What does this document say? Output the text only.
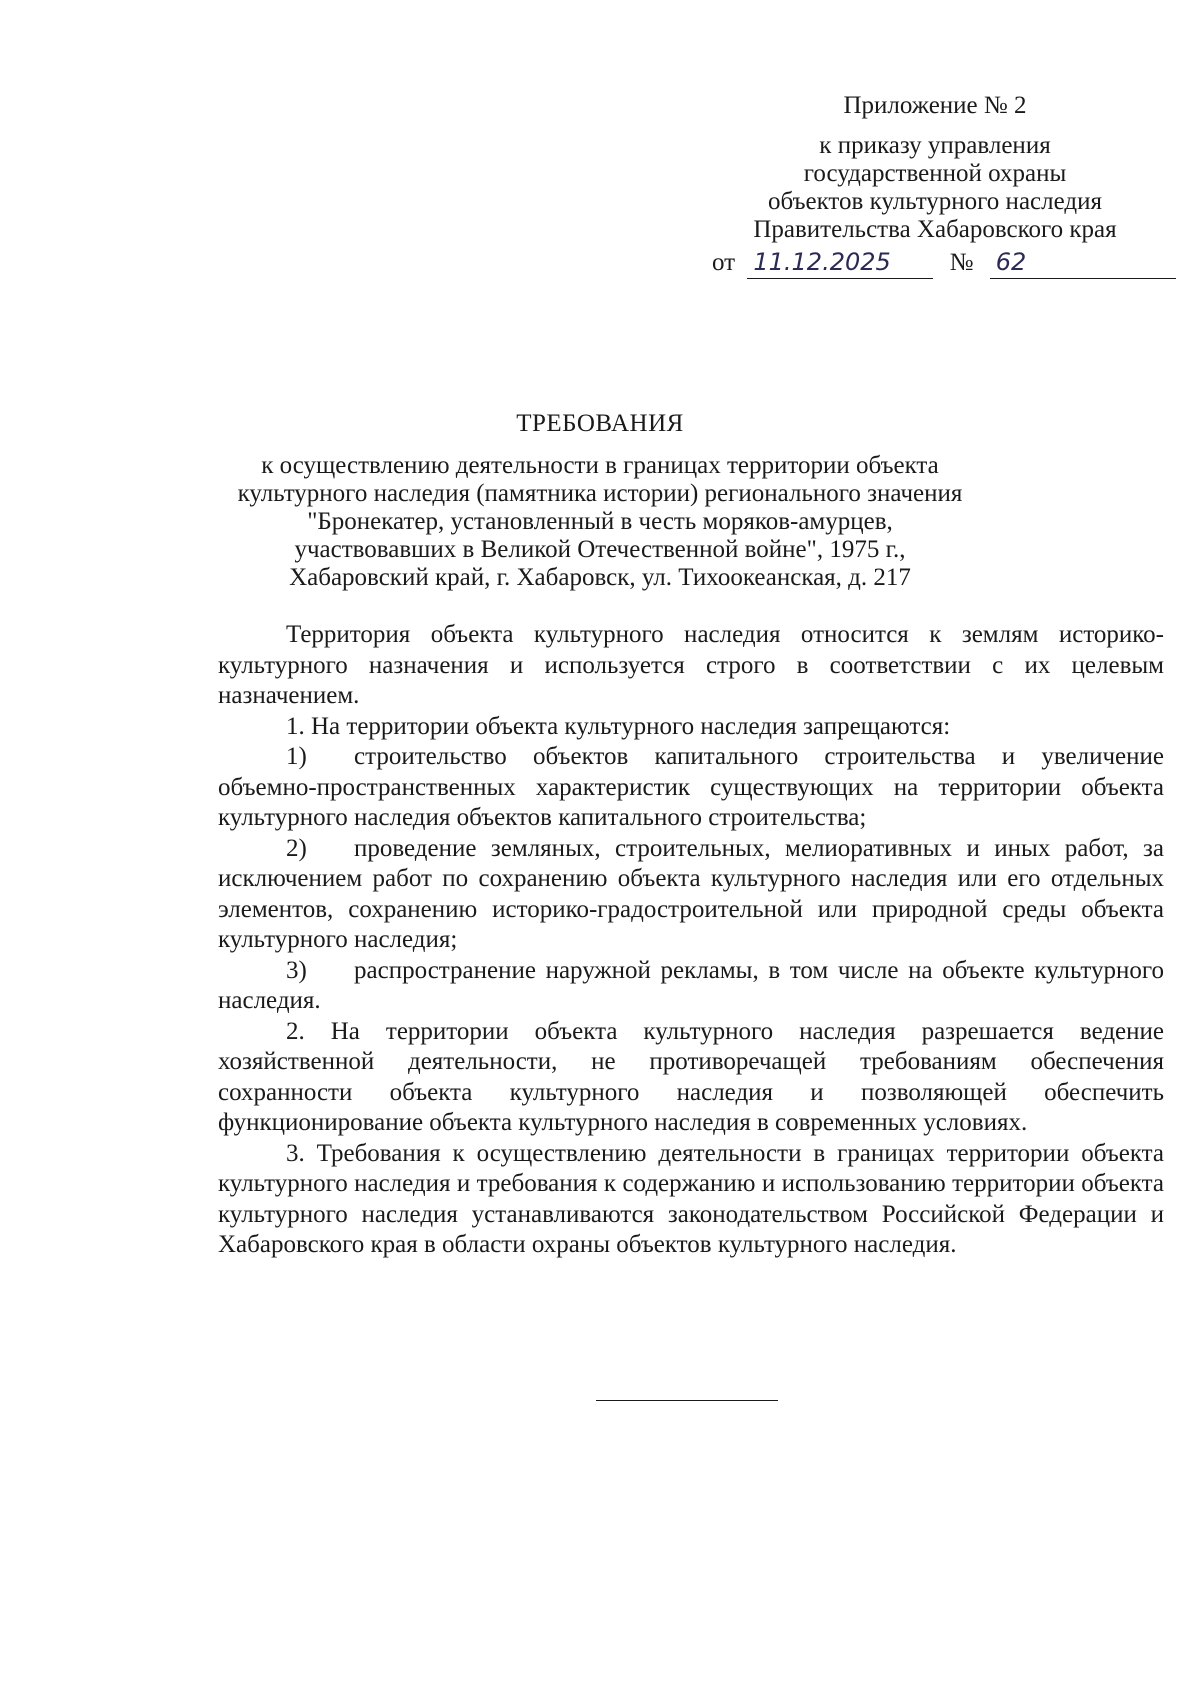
Приложение № 2
к приказу управления
государственной охраны
объектов культурного наследия
Правительства Хабаровского края
от 11.12.2025 № 62
ТРЕБОВАНИЯ
к осуществлению деятельности в границах территории объекта
культурного наследия (памятника истории) регионального значения
"Бронекатер, установленный в честь моряков-амурцев,
участвовавших в Великой Отечественной войне", 1975 г.,
Хабаровский край, г. Хабаровск, ул. Тихоокеанская, д. 217

Территория объекта культурного наследия относится к землям историко-культурного назначения и используется строго в соответствии с их целевым назначением.

1. На территории объекта культурного наследия запрещаются:

1) строительство объектов капитального строительства и увеличение объемно-пространственных характеристик существующих на территории объекта культурного наследия объектов капитального строительства;

2) проведение земляных, строительных, мелиоративных и иных работ, за исключением работ по сохранению объекта культурного наследия или его отдельных элементов, сохранению историко-градостроительной или природной среды объекта культурного наследия;

3) распространение наружной рекламы, в том числе на объекте культурного наследия.

2. На территории объекта культурного наследия разрешается ведение хозяйственной деятельности, не противоречащей требованиям обеспечения сохранности объекта культурного наследия и позволяющей обеспечить функционирование объекта культурного наследия в современных условиях.

3. Требования к осуществлению деятельности в границах территории объекта культурного наследия и требования к содержанию и использованию территории объекта культурного наследия устанавливаются законодательством Российской Федерации и Хабаровского края в области охраны объектов культурного наследия.
